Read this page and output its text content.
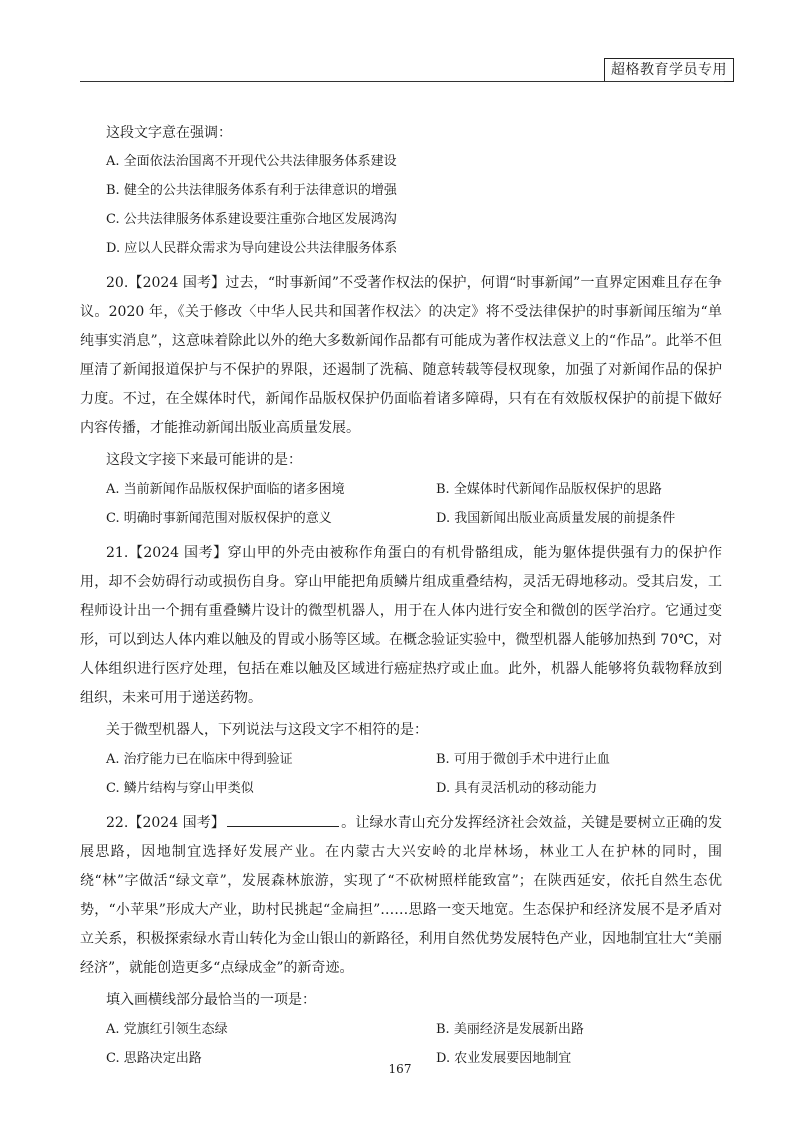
超格教育学员专用
这段文字意在强调：
A. 全面依法治国离不开现代公共法律服务体系建设
B. 健全的公共法律服务体系有利于法律意识的增强
C. 公共法律服务体系建设要注重弥合地区发展鸿沟
D. 应以人民群众需求为导向建设公共法律服务体系

20.【2024 国考】过去，“时事新闻”不受著作权法的保护，何谓“时事新闻”一直界定困难且存在争议。2020 年，《关于修改〈中华人民共和国著作权法〉的决定》将不受法律保护的时事新闻压缩为“单纯事实消息”，这意味着除此以外的绝大多数新闻作品都有可能成为著作权法意义上的“作品”。此举不但厘清了新闻报道保护与不保护的界限，还遏制了洗稿、随意转载等侵权现象，加强了对新闻作品的保护力度。不过，在全媒体时代，新闻作品版权保护仍面临着诸多障碍，只有在有效版权保护的前提下做好内容传播，才能推动新闻出版业高质量发展。

这段文字接下来最可能讲的是：
A. 当前新闻作品版权保护面临的诸多困境	B. 全媒体时代新闻作品版权保护的思路
C. 明确时事新闻范围对版权保护的意义	D. 我国新闻出版业高质量发展的前提条件

21.【2024 国考】穿山甲的外壳由被称作角蛋白的有机骨骼组成，能为躯体提供强有力的保护作用，却不会妨碍行动或损伤自身。穿山甲能把角质鳞片组成重叠结构，灵活无碍地移动。受其启发，工程师设计出一个拥有重叠鳞片设计的微型机器人，用于在人体内进行安全和微创的医学治疗。它通过变形，可以到达人体内难以触及的胃或小肠等区域。在概念验证实验中，微型机器人能够加热到 70℃，对人体组织进行医疗处理，包括在难以触及区域进行癌症热疗或止血。此外，机器人能够将负载物释放到组织，未来可用于递送药物。

关于微型机器人，下列说法与这段文字不相符的是：
A. 治疗能力已在临床中得到验证	B. 可用于微创手术中进行止血
C. 鳞片结构与穿山甲类似	D. 具有灵活机动的移动能力

22.【2024 国考】	。让绿水青山充分发挥经济社会效益，关键是要树立正确的发展思路，因地制宜选择好发展产业。在内蒙古大兴安岭的北岸林场，林业工人在护林的同时，围绕“林”字做活“绿文章”，发展森林旅游，实现了“不砍树照样能致富”；在陕西延安，依托自然生态优势，“小苹果”形成大产业，助村民挑起“金扁担”……思路一变天地宽。生态保护和经济发展不是矛盾对立关系，积极探索绿水青山转化为金山银山的新路径，利用自然优势发展特色产业，因地制宜壮大“美丽经济”，就能创造更多“点绿成金”的新奇迹。

填入画横线部分最恰当的一项是：
A. 党旗红引领生态绿	B. 美丽经济是发展新出路
C. 思路决定出路	D. 农业发展要因地制宜
167
